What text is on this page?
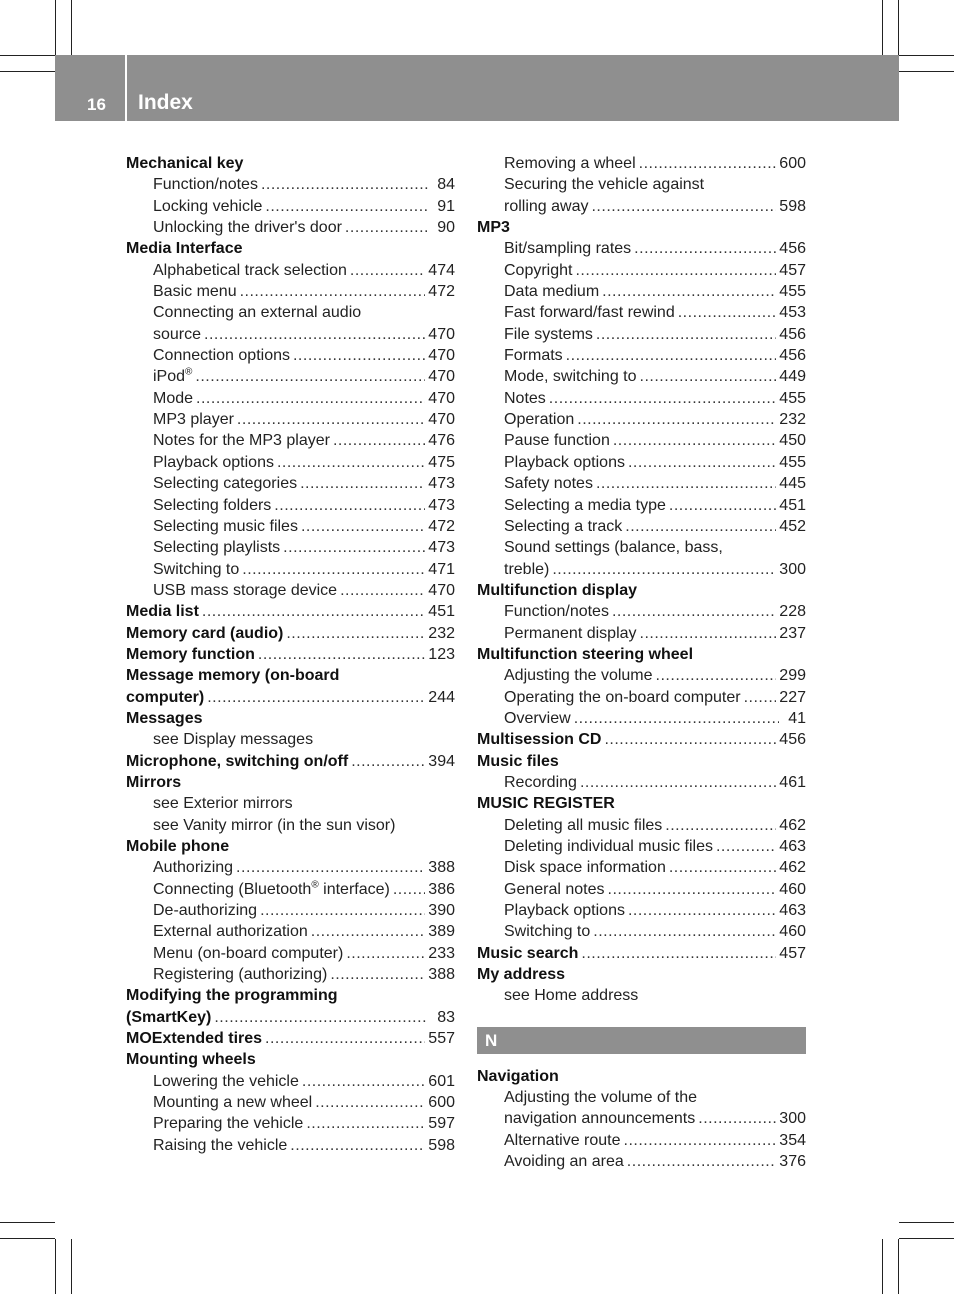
16 Index
Mechanical key
Function/notes .....	84
Locking vehicle .....	91
Unlocking the driver's door .....	90
Media Interface
Alphabetical track selection .....	474
Basic menu .....	472
Connecting an external audio
source .....	470
Connection options .....	470
iPod® .....	470
Mode .....	470
MP3 player .....	470
Notes for the MP3 player .....	476
Playback options .....	475
Selecting categories .....	473
Selecting folders .....	473
Selecting music files .....	472
Selecting playlists .....	473
Switching to .....	471
USB mass storage device .....	470
Media list .....	451
Memory card (audio) .....	232
Memory function .....	123
Message memory (on-board
computer) .....	244
Messages
see Display messages
Microphone, switching on/off .....	394
Mirrors
see Exterior mirrors
see Vanity mirror (in the sun visor)
Mobile phone
Authorizing .....	388
Connecting (Bluetooth® interface) ..... 386
De-authorizing .....	390
External authorization .....	389
Menu (on-board computer) .....	233
Registering (authorizing) .....	388
Modifying the programming
(SmartKey) .....	83
MOExtended tires .....	557
Mounting wheels
Lowering the vehicle .....	601
Mounting a new wheel .....	600
Preparing the vehicle .....	597
Raising the vehicle .....	598
Removing a wheel .....	600
Securing the vehicle against
rolling away .....	598
MP3
Bit/sampling rates .....	456
Copyright .....	457
Data medium .....	455
Fast forward/fast rewind .....	453
File systems .....	456
Formats .....	456
Mode, switching to .....	449
Notes .....	455
Operation .....	232
Pause function .....	450
Playback options .....	455
Safety notes .....	445
Selecting a media type .....	451
Selecting a track .....	452
Sound settings (balance, bass,
treble) .....	300
Multifunction display
Function/notes .....	228
Permanent display .....	237
Multifunction steering wheel
Adjusting the volume .....	299
Operating the on-board computer ..... 227
Overview .....	41
Multisession CD .....	456
Music files
Recording .....	461
MUSIC REGISTER
Deleting all music files .....	462
Deleting individual music files .....	463
Disk space information .....	462
General notes .....	460
Playback options .....	463
Switching to .....	460
Music search .....	457
My address
see Home address
N
Navigation
Adjusting the volume of the
navigation announcements .....	300
Alternative route .....	354
Avoiding an area .....	376
